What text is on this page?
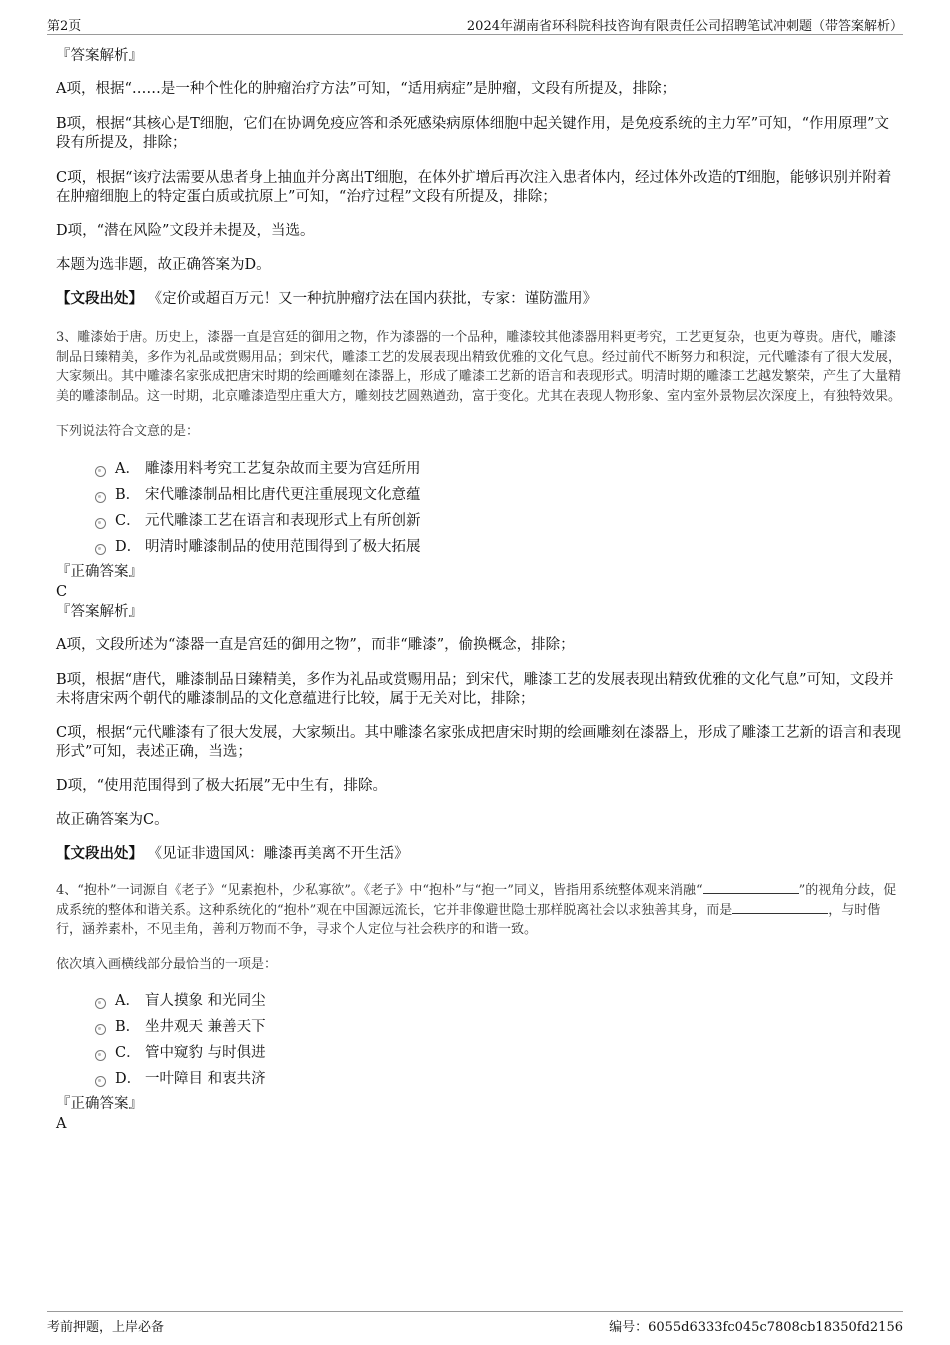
第2页	2024年湖南省环科院科技咨询有限责任公司招聘笔试冲刺题（带答案解析）

『答案解析』

A项，根据“……是一种个性化的肿瘤治疗方法”可知，“适用病症”是肿瘤，文段有所提及，排除；

B项，根据“其核心是T细胞，它们在协调免疫应答和杀死感染病原体细胞中起关键作用，是免疫系统的主力军”可知，“作用原理”文段有所提及，排除；

C项，根据“该疗法需要从患者身上抽血并分离出T细胞，在体外扩增后再次注入患者体内，经过体外改造的T细胞，能够识别并附着在肿瘤细胞上的特定蛋白质或抗原上”可知，“治疗过程”文段有所提及，排除；

D项，“潜在风险”文段并未提及，当选。

本题为选非题，故正确答案为D。

【文段出处】 《定价或超百万元！又一种抗肿瘤疗法在国内获批，专家：谨防滥用》

3、雕漆始于唐。历史上，漆器一直是宫廷的御用之物，作为漆器的一个品种，雕漆较其他漆器用料更考究，工艺更复杂，也更为尊贵。唐代，雕漆制品日臻精美，多作为礼品或赏赐用品；到宋代，雕漆工艺的发展表现出精致优雅的文化气息。经过前代不断努力和积淀，元代雕漆有了很大发展，大家频出。其中雕漆名家张成把唐宋时期的绘画雕刻在漆器上，形成了雕漆工艺新的语言和表现形式。明清时期的雕漆工艺越发繁荣，产生了大量精美的雕漆制品。这一时期，北京雕漆造型庄重大方，雕刻技艺圆熟遒劲，富于变化。尤其在表现人物形象、室内室外景物层次深度上，有独特效果。

下列说法符合文意的是：

A． 雕漆用料考究工艺复杂故而主要为宫廷所用
B． 宋代雕漆制品相比唐代更注重展现文化意蕴
C． 元代雕漆工艺在语言和表现形式上有所创新
D． 明清时雕漆制品的使用范围得到了极大拓展

『正确答案』

C

『答案解析』

A项，文段所述为“漆器一直是宫廷的御用之物”，而非“雕漆”，偷换概念，排除；

B项，根据“唐代，雕漆制品日臻精美，多作为礼品或赏赐用品；到宋代，雕漆工艺的发展表现出精致优雅的文化气息”可知，文段并未将唐宋两个朝代的雕漆制品的文化意蕴进行比较，属于无关对比，排除；

C项，根据“元代雕漆有了很大发展，大家频出。其中雕漆名家张成把唐宋时期的绘画雕刻在漆器上，形成了雕漆工艺新的语言和表现形式”可知，表述正确，当选；

D项，“使用范围得到了极大拓展”无中生有，排除。

故正确答案为C。

【文段出处】 《见证非遗国风：雕漆再美离不开生活》

4、“抱朴”一词源自《老子》“见素抱朴，少私寡欲”。《老子》中“抱朴”与“抱一”同义，皆指用系统整体观来消融“	”的视角分歧，促成系统的整体和谐关系。这种系统化的“抱朴”观在中国源远流长，它并非像避世隐士那样脱离社会以求独善其身，而是	，与时偕行，涵养素朴，不见圭角，善利万物而不争，寻求个人定位与社会秩序的和谐一致。

依次填入画横线部分最恰当的一项是：

A． 盲人摸象 和光同尘
B． 坐井观天 兼善天下
C． 管中窥豹 与时俱进
D． 一叶障目 和衷共济

『正确答案』

A

考前押题，上岸必备	编号：6055d6333fc045c7808cb18350fd2156
